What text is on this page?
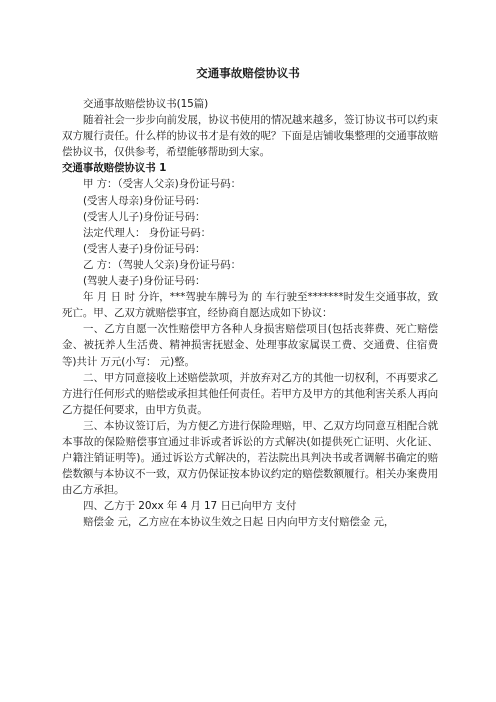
交通事故赔偿协议书

交通事故赔偿协议书(15篇)

随着社会一步步向前发展，协议书使用的情况越来越多，签订协议书可以约束双方履行责任。什么样的协议书才是有效的呢？下面是店铺收集整理的交通事故赔偿协议书，仅供参考，希望能够帮助到大家。

交通事故赔偿协议书 1

甲 方：（受害人父亲)身份证号码：

(受害人母亲)身份证号码：

(受害人儿子)身份证号码：

法定代理人： 身份证号码：

(受害人妻子)身份证号码：

乙 方：（驾驶人父亲)身份证号码：

(驾驶人妻子)身份证号码：

年 月 日 时 分许，***驾驶车牌号为 的 车行驶至*******时发生交通事故，致 死亡。甲、乙双方就赔偿事宜，经协商自愿达成如下协议：

一、乙方自愿一次性赔偿甲方各种人身损害赔偿项目(包括丧葬费、死亡赔偿金、被抚养人生活费、精神损害抚慰金、处理事故家属误工费、交通费、住宿费等)共计 万元(小写： 元)整。

二、甲方同意接收上述赔偿款项，并放弃对乙方的其他一切权利，不再要求乙方进行任何形式的赔偿或承担其他任何责任。若甲方及甲方的其他利害关系人再向乙方提任何要求，由甲方负责。

三、本协议签订后，为方便乙方进行保险理赔，甲、乙双方均同意互相配合就本事故的保险赔偿事宜通过非诉或者诉讼的方式解决(如提供死亡证明、火化证、户籍注销证明等)。通过诉讼方式解决的，若法院出具判决书或者调解书确定的赔偿数额与本协议不一致，双方仍保证按本协议约定的赔偿数额履行。相关办案费用由乙方承担。

四、乙方于 20xx 年 4 月 17 日已向甲方 支付

赔偿金 元，乙方应在本协议生效之日起 日内向甲方支付赔偿金 元，
